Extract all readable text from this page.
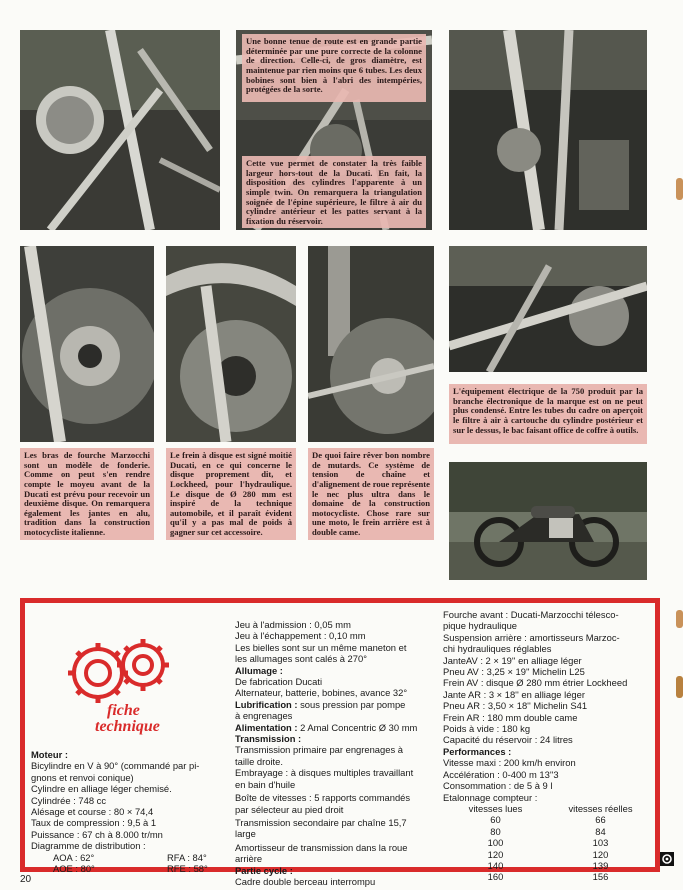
Une bonne tenue de route est en grande partie déterminée par une pure correcte de la colonne de direction. Celle-ci, de gros diamètre, est maintenue par rien moins que 6 tubes. Les deux bobines sont bien à l'abri des intempéries, protégées de la sorte.
Cette vue permet de constater la très faible largeur hors-tout de la Ducati. En fait, la disposition des cylindres l'apparente à un simple twin. On remarquera la triangulation soignée de l'épine supérieure, le filtre à air du cylindre antérieur et les pattes servant à la fixation du réservoir.
L'équipement électrique de la 750 produit par la branche électronique de la marque est on ne peut plus condensé. Entre les tubes du cadre on aperçoit le filtre à air à cartouche du cylindre postérieur et sur le dessus, le bac faisant office de coffre à outils.
Les bras de fourche Marzocchi sont un modèle de fonderie. Comme on peut s'en rendre compte le moyeu avant de la Ducati est prévu pour recevoir un deuxième disque. On remarquera également les jantes en alu, tradition dans la construction motocycliste italienne.
Le frein à disque est signé moitié Ducati, en ce qui concerne le disque proprement dit, et Lockheed, pour l'hydraulique. Le disque de Ø 280 mm est inspiré de la technique automobile, et il paraît évident qu'il y a pas mal de poids à gagner sur cet accessoire.
De quoi faire rêver bon nombre de mutards. Ce système de tension de chaîne et d'alignement de roue représente le nec plus ultra dans le domaine de la construction motocycliste. Chose rare sur une moto, le frein arrière est à double came.
fiche
technique
Moteur :
Bicylindre en V à 90° (commandé par pi-
gnons et renvoi conique)
Cylindre en alliage léger chemisé.
Cylindrée : 748 cc
Alésage et course : 80 × 74,4
Taux de compression : 9,5 à 1
Puissance : 67 ch à 8.000 tr/mn
Diagramme de distribution :
AOA : 62°	RFA : 84°
AOE : 80°	RFE : 58°
Jeu à l'admission : 0,05 mm
Jeu à l'échappement : 0,10 mm
Les bielles sont sur un même maneton et
les allumages sont calés à 270°
Allumage :
De fabrication Ducati
Alternateur, batterie, bobines, avance 32°
Lubrification : sous pression par pompe
à engrenages
Alimentation : 2 Amal Concentric Ø 30 mm
Transmission :
Transmission primaire par engrenages à
taille droite.
Embrayage : à disques multiples travaillant
en bain d'huile
Boîte de vitesses : 5 rapports commandés
par sélecteur au pied droit
Transmission secondaire par chaîne 15,7
large
Amortisseur de transmission dans la roue
arrière
Partie cycle :
Cadre double berceau interrompu
Fourche avant : Ducati-Marzocchi télesco-
pique hydraulique
Suspension arrière : amortisseurs Marzoc-
chi hydrauliques réglables
JanteAV : 2 × 19'' en alliage léger
Pneu AV : 3,25 × 19'' Michelin L25
Frein AV : disque Ø 280 mm étrier Lockheed
Jante AR : 3 × 18'' en alliage léger
Pneu AR : 3,50 × 18'' Michelin S41
Frein AR : 180 mm double came
Poids à vide : 180 kg
Capacité du réservoir : 24 litres
Performances :
Vitesse maxi : 200 km/h environ
Accélération : 0-400 m 13''3
Consommation : de 5 à 9 l
Etalonnage compteur :
vitesses lues	vitesses réelles
60	66
80	84
100	103
120	120
140	139
160	156
20
